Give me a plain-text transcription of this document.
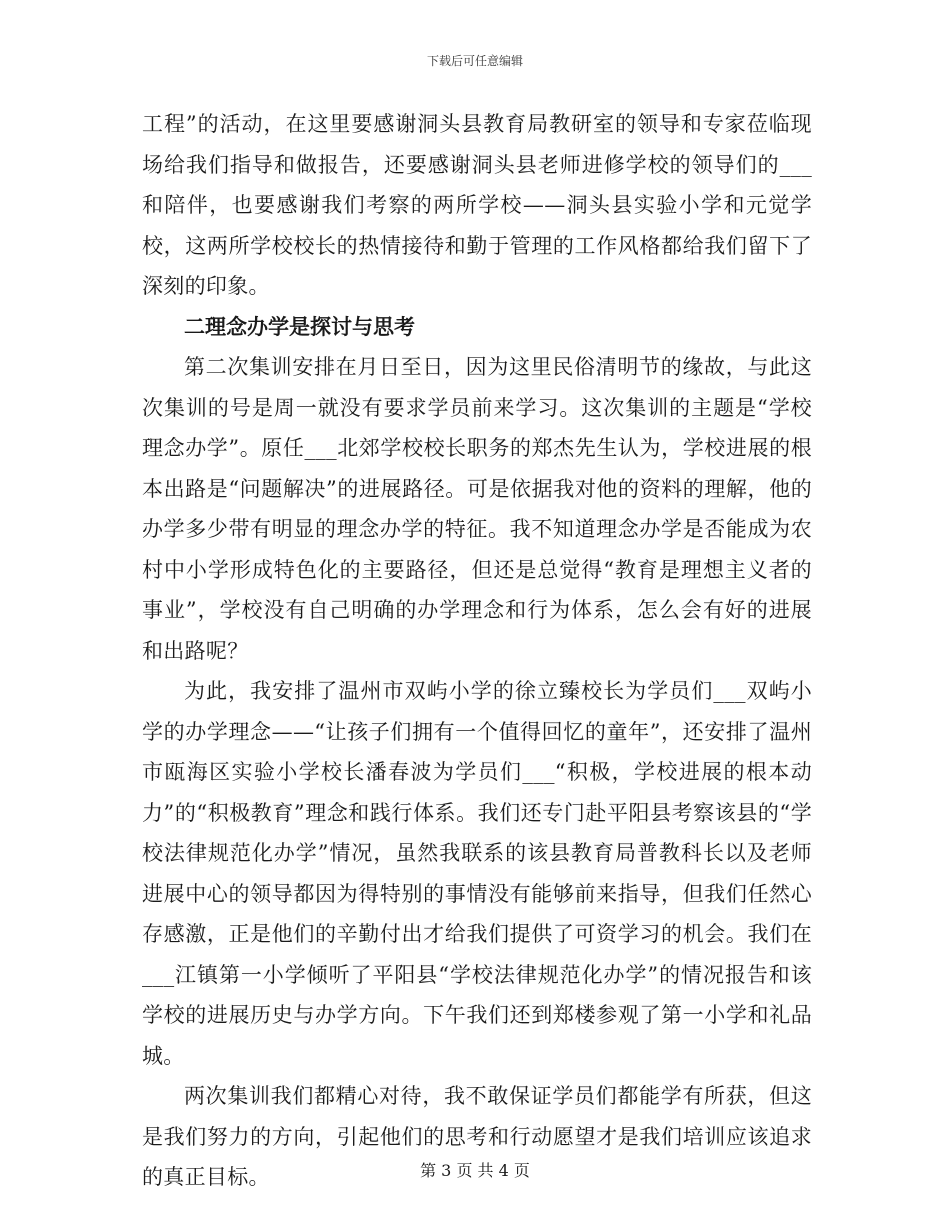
下载后可任意编辑

工程”的活动，在这里要感谢洞头县教育局教研室的领导和专家莅临现场给我们指导和做报告，还要感谢洞头县老师进修学校的领导们的___和陪伴，也要感谢我们考察的两所学校——洞头县实验小学和元觉学校，这两所学校校长的热情接待和勤于管理的工作风格都给我们留下了深刻的印象。

二理念办学是探讨与思考

第二次集训安排在月日至日，因为这里民俗清明节的缘故，与此这次集训的号是周一就没有要求学员前来学习。这次集训的主题是“学校理念办学”。原任___北郊学校校长职务的郑杰先生认为，学校进展的根本出路是“问题解决”的进展路径。可是依据我对他的资料的理解，他的办学多少带有明显的理念办学的特征。我不知道理念办学是否能成为农村中小学形成特色化的主要路径，但还是总觉得“教育是理想主义者的事业”，学校没有自己明确的办学理念和行为体系，怎么会有好的进展和出路呢？

为此，我安排了温州市双屿小学的徐立臻校长为学员们___双屿小学的办学理念——“让孩子们拥有一个值得回忆的童年”，还安排了温州市瓯海区实验小学校长潘春波为学员们___“积极，学校进展的根本动力”的“积极教育”理念和践行体系。我们还专门赴平阳县考察该县的“学校法律规范化办学”情况，虽然我联系的该县教育局普教科长以及老师进展中心的领导都因为得特别的事情没有能够前来指导，但我们任然心存感激，正是他们的辛勤付出才给我们提供了可资学习的机会。我们在___江镇第一小学倾听了平阳县“学校法律规范化办学”的情况报告和该学校的进展历史与办学方向。下午我们还到郑楼参观了第一小学和礼品城。

两次集训我们都精心对待，我不敢保证学员们都能学有所获，但这是我们努力的方向，引起他们的思考和行动愿望才是我们培训应该追求的真正目标。	第 3 页 共 4 页
